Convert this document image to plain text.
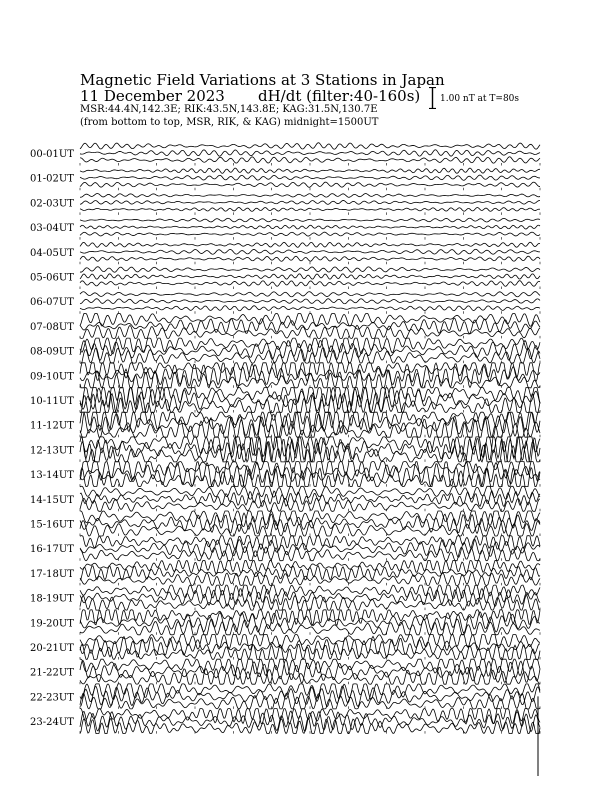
Magnetic Field Variations at 3 Stations in Japan
11 December 2023 dH/dt (filter:40-160s)
MSR:44.4N,142.3E; RIK:43.5N,143.8E; KAG:31.5N,130.7E
(from bottom to top, MSR, RIK, & KAG) midnight=1500UT
1.00 nT at T=80s
00-01UT
01-02UT
02-03UT
03-04UT
04-05UT
05-06UT
06-07UT
07-08UT
08-09UT
09-10UT
10-11UT
11-12UT
12-13UT
13-14UT
14-15UT
15-16UT
16-17UT
17-18UT
18-19UT
19-20UT
20-21UT
21-22UT
22-23UT
23-24UT
